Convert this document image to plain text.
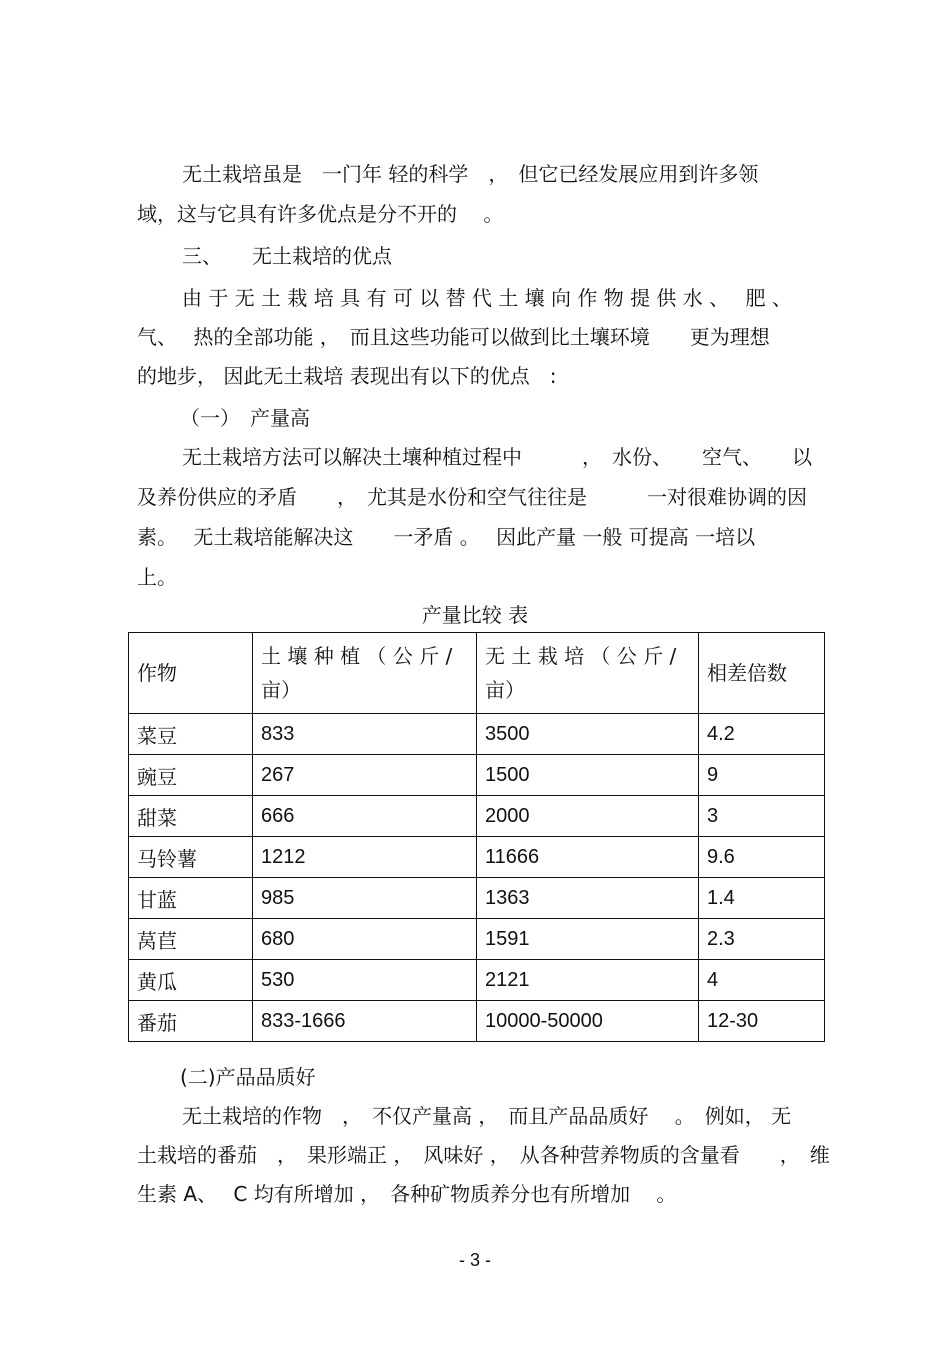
无土栽培虽是　一门年 轻的科学　，　但它已经发展应用到许多领
域，这与它具有许多优点是分不开的　 。
三、　　无土栽培的优点
由 于 无 土 栽 培 具 有 可 以 替 代 土 壤 向 作 物 提 供 水 、　 肥 、
气、　 热的全部功能 ，　而且这些功能可以做到比土壤环境　　更为理想
的地步， 因此无土栽培 表现出有以下的优点　:
（一）　产量高
无土栽培方法可以解决土壤种植过程中　　　，　水份、　　空气、　　以
及养份供应的矛盾　　，　尤其是水份和空气往往是　　　一对很难协调的因
素。　 无土栽培能解决这　　一矛盾 。　 因此产量 一般 可提高 一培以
上。
产量比较 表
作物	土 壤 种 植 （ 公 斤 / 亩）	无 土 栽 培 （ 公 斤 / 亩）	相差倍数
菜豆	833	3500	4.2
豌豆	267	1500	9
甜菜	666	2000	3
马铃薯	1212	11666	9.6
甘蓝	985	1363	1.4
莴苣	680	1591	2.3
黄瓜	530	2121	4
番茄	833-1666	10000-50000	12-30
(二)产品品质好
无土栽培的作物　，　不仅产量高 ，　而且产品品质好　 。　例如， 无
土栽培的番茄　，　果形端正 ，　风味好 ，　从各种营养物质的含量看　　，　维
生素 A、　 C 均有所增加 ，　各种矿物质养分也有所增加　 。
- 3 -
